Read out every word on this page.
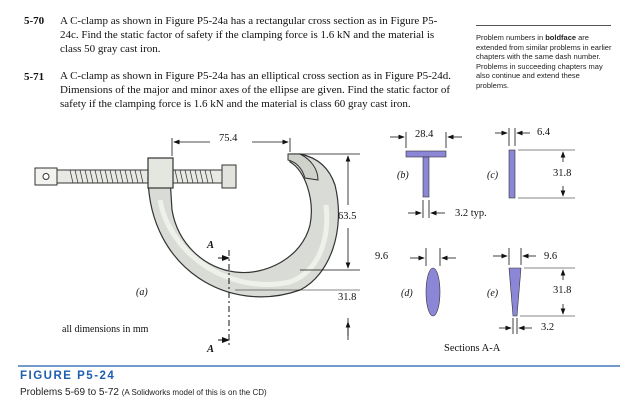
5-70 A C-clamp as shown in Figure P5-24a has a rectangular cross section as in Figure P5-
24c. Find the static factor of safety if the clamping force is 1.6 kN and the material is
class 50 gray cast iron.
5-71 A C-clamp as shown in Figure P5-24a has an elliptical cross section as in Figure P5-24d.
Dimensions of the major and minor axes of the ellipse are given. Find the static factor of
safety if the clamping force is 1.6 kN and the material is class 60 gray cast iron.
Problem numbers in boldface are extended from similar problems in earlier chapters with the same dash number. Problems in succeeding chapters may also continue and extend these problems.
(a)
(b)	(c)
(d)	(e)
A
A
75.4
63.5
31.8
28.4	6.4
31.8
3.2 typ.
9.6	9.6
31.8
3.2
all dimensions in mm
Sections A-A
FIGURE P5-24
Problems 5-69 to 5-72 (A Solidworks model of this is on the CD)
